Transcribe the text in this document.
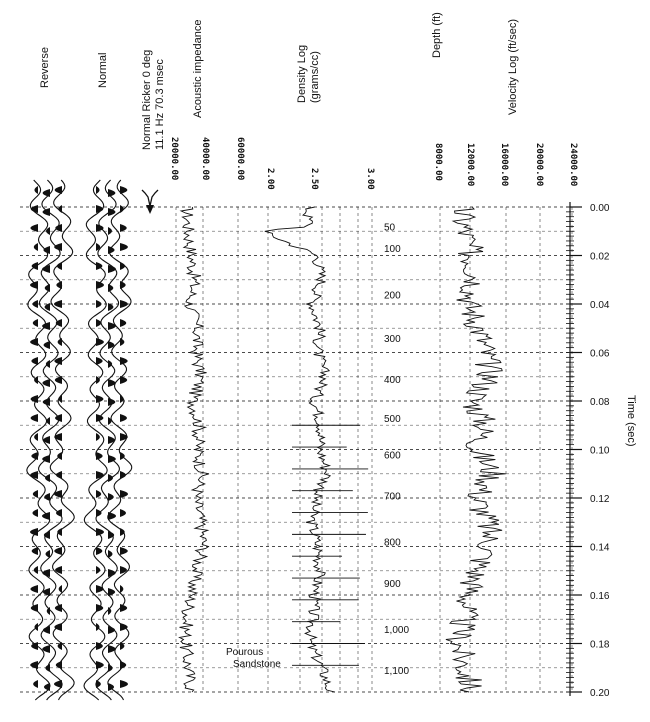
Reverse	Normal	Normal Ricker 0 deg 11.1 Hz 70.3 msec Acoustic impedance	Density Log (grams/cc)
Depth (ft)	Velocity Log (ft/sec)
Time (sec)
Pourous
Sandstone
20000.00 40000.00	60000.00 2.00	2.50	3.00	8000.00 12000.00	16000.00	20000.00	24000.00
50
100
200
300
400
500
600
700
800
900
1,000
1,100
0.00
0.02
0.04
0.06
0.08
0.10
0.12
0.14
0.16
0.18
0.20
